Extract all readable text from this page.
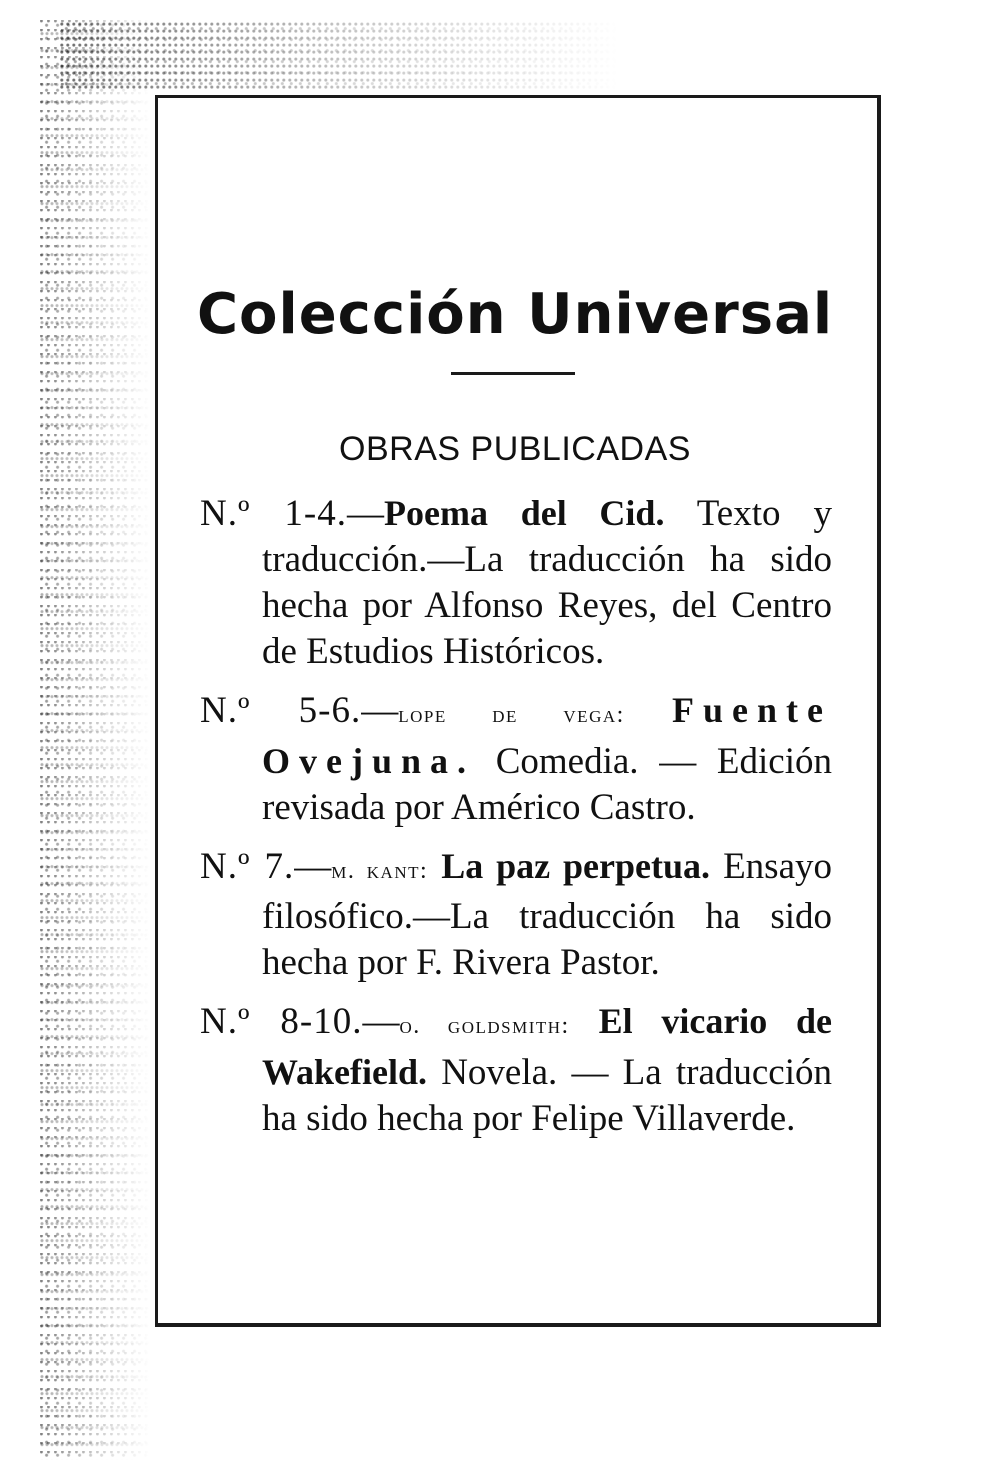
Colección Universal
OBRAS PUBLICADAS
N.º 1-4.—Poema del Cid. Texto y traducción.—La traducción ha sido hecha por Alfonso Reyes, del Centro de Estudios Históricos.
N.º 5-6.—lope de vega: Fuente Ovejuna. Comedia. — Edición revisada por Américo Castro.
N.º 7.—m. kant: La paz perpetua. Ensayo filosófico.—La traducción ha sido hecha por F. Rivera Pastor.
N.º 8-10.—o. goldsmith: El vicario de Wakefield. Novela. — La traducción ha sido hecha por Felipe Villaverde.
